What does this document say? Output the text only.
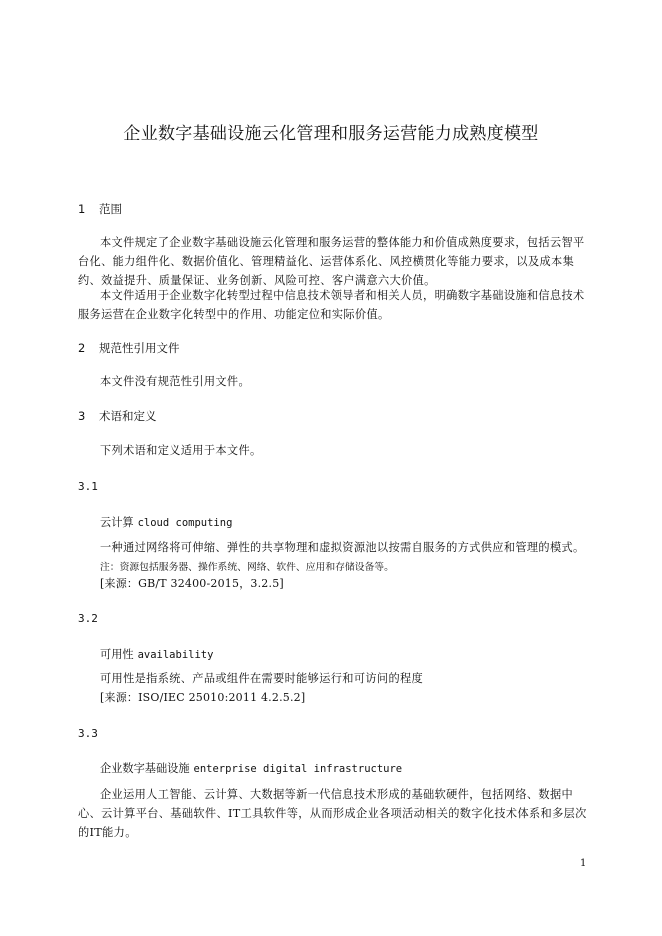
企业数字基础设施云化管理和服务运营能力成熟度模型
1 范围
本文件规定了企业数字基础设施云化管理和服务运营的整体能力和价值成熟度要求，包括云智平
台化、能力组件化、数据价值化、管理精益化、运营体系化、风控横贯化等能力要求，以及成本集
约、效益提升、质量保证、业务创新、风险可控、客户满意六大价值。
本文件适用于企业数字化转型过程中信息技术领导者和相关人员，明确数字基础设施和信息技术
服务运营在企业数字化转型中的作用、功能定位和实际价值。
2 规范性引用文件
本文件没有规范性引用文件。
3 术语和定义
下列术语和定义适用于本文件。
3.1
云计算 cloud computing
一种通过网络将可伸缩、弹性的共享物理和虚拟资源池以按需自服务的方式供应和管理的模式。
注：资源包括服务器、操作系统、网络、软件、应用和存储设备等。
[来源：GB/T 32400-2015，3.2.5]
3.2
可用性 availability
可用性是指系统、产品或组件在需要时能够运行和可访问的程度
[来源：ISO/IEC 25010:2011 4.2.5.2]
3.3
企业数字基础设施 enterprise digital infrastructure
企业运用人工智能、云计算、大数据等新一代信息技术形成的基础软硬件，包括网络、数据中
心、云计算平台、基础软件、IT工具软件等，从而形成企业各项活动相关的数字化技术体系和多层次
的IT能力。
1
